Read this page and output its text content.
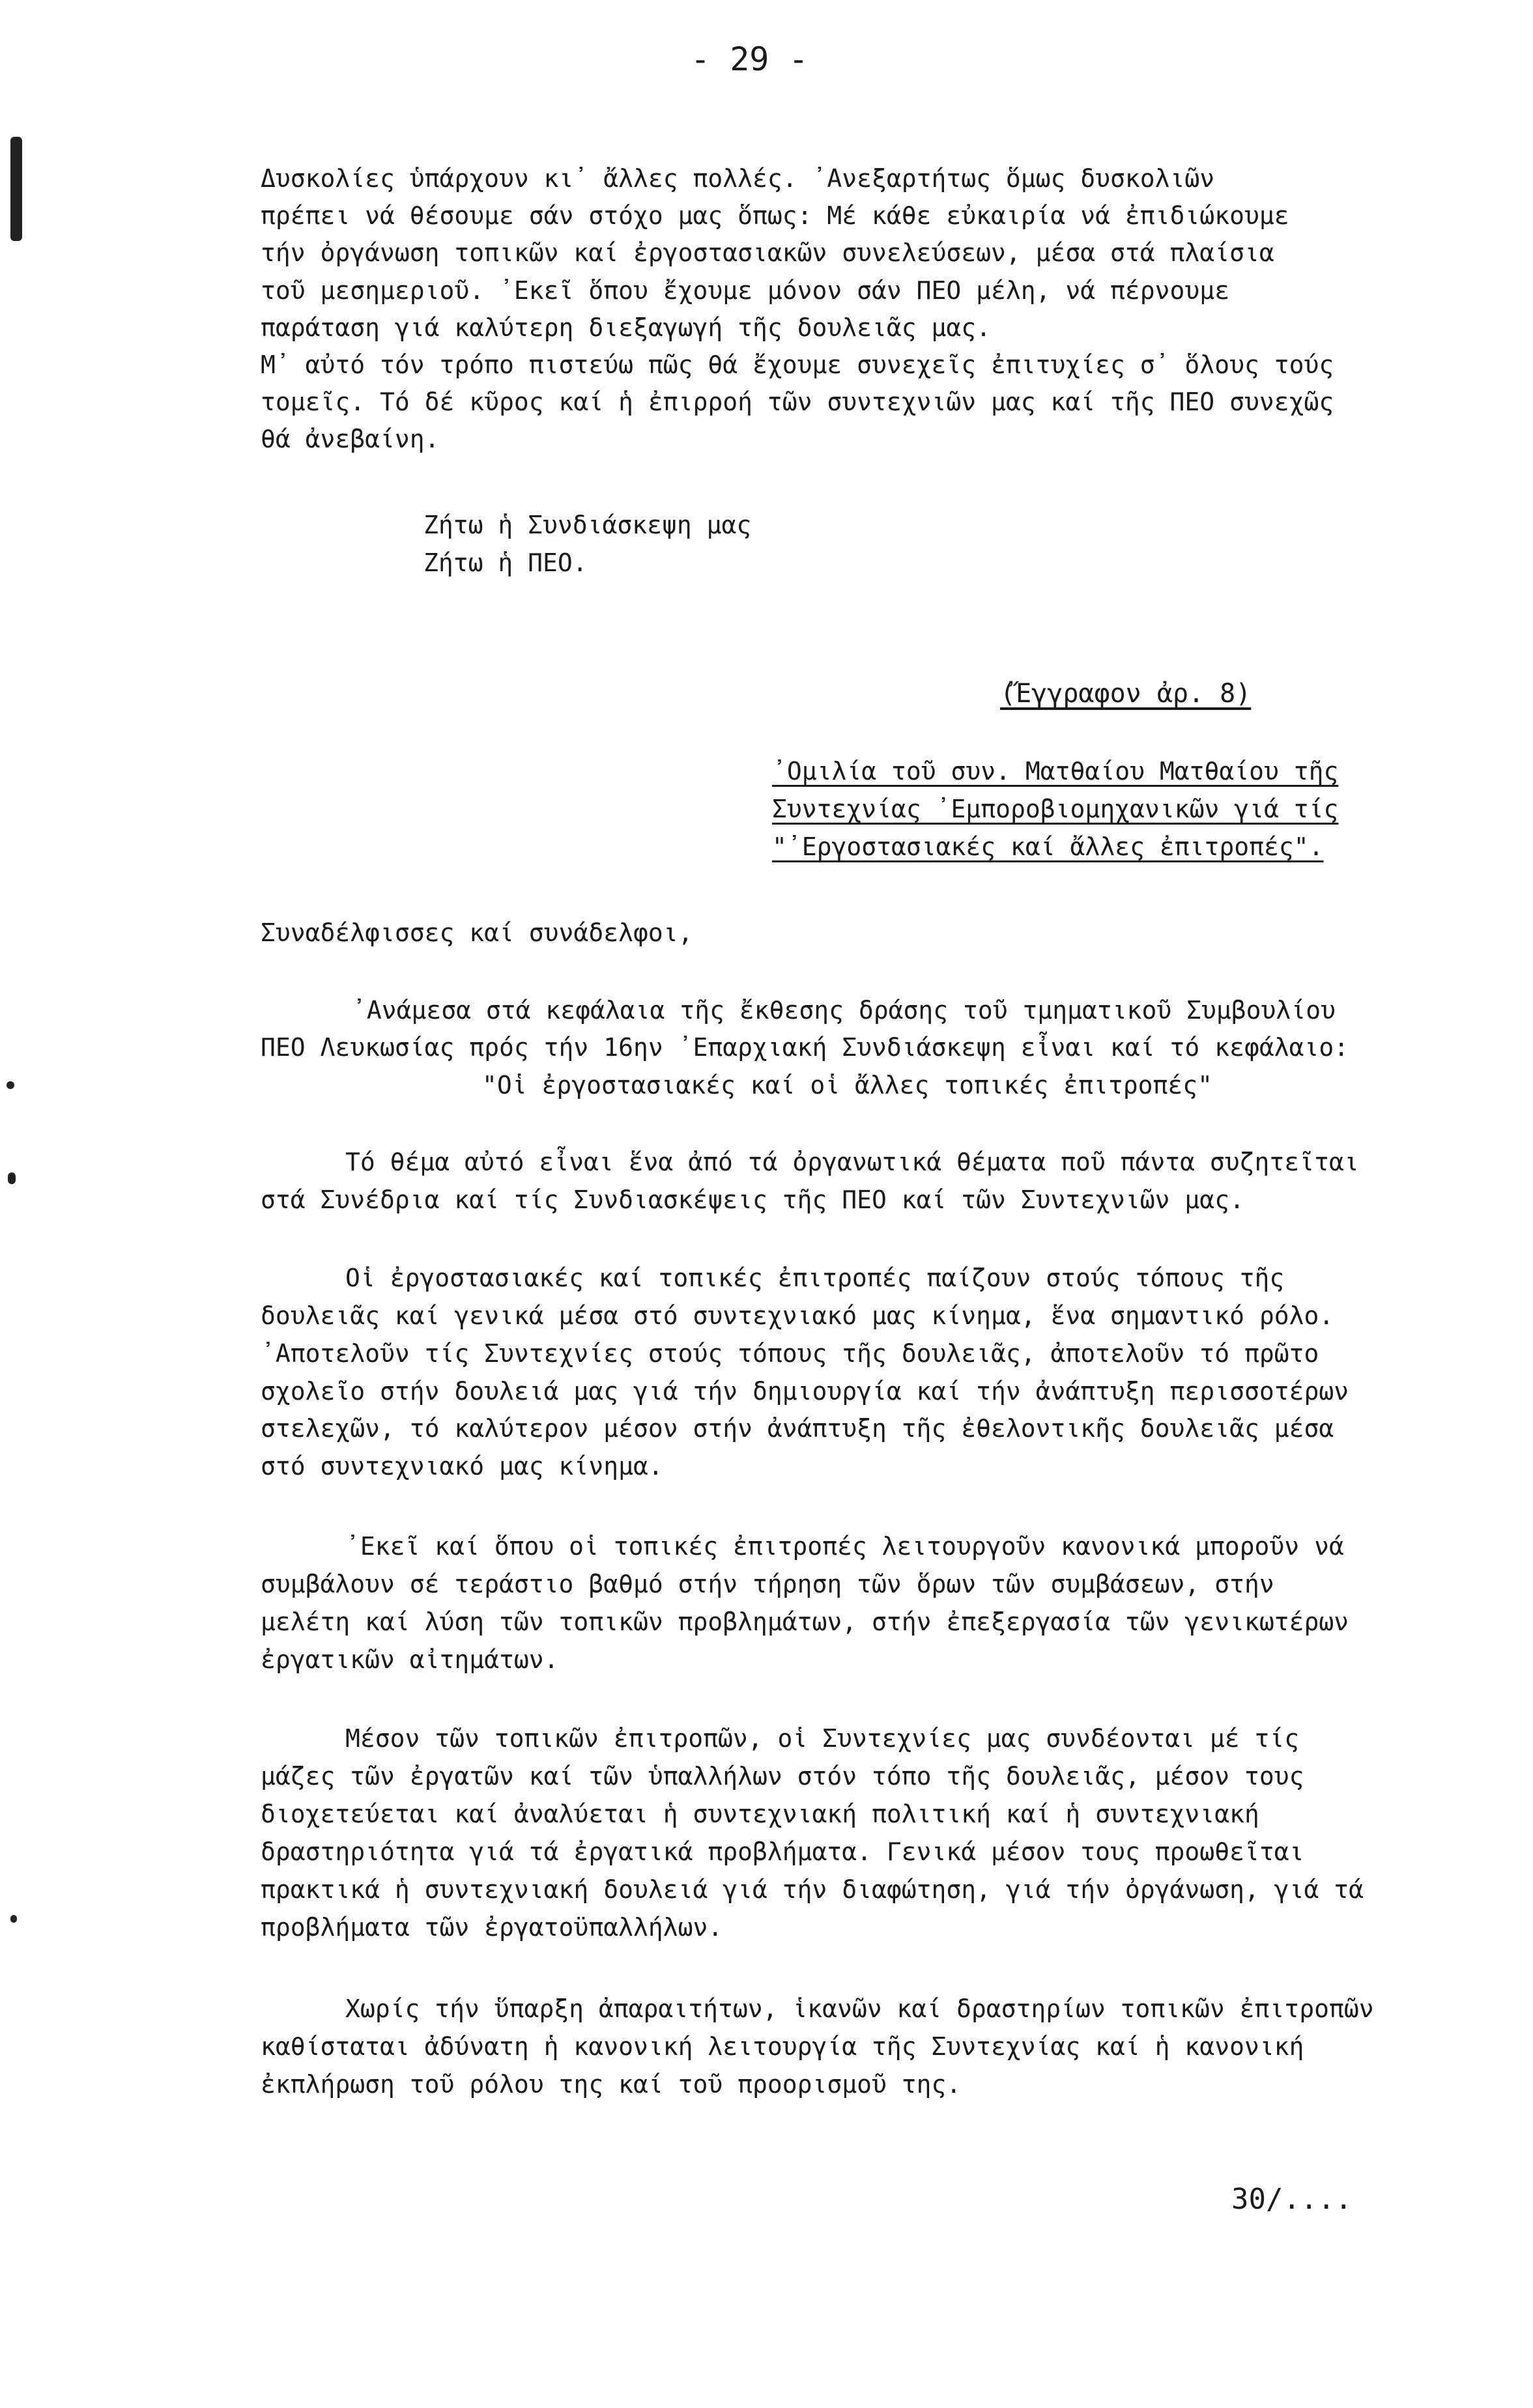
- 29 -
Δυσκολίες ὑπάρχουν κι᾽ ἄλλες πολλές. ᾽Ανεξαρτήτως ὅμως δυσκολιῶν
πρέπει νά θέσουμε σάν στόχο μας ὅπως: Μέ κάθε εὐκαιρία νά ἐπιδιώκουμε
τήν ὀργάνωση τοπικῶν καί ἐργοστασιακῶν συνελεύσεων, μέσα στά πλαίσια
τοῦ μεσημεριοῦ. ᾽Εκεῖ ὅπου ἔχουμε μόνον σάν ΠΕΟ μέλη, νά πέρνουμε
παράταση γιά καλύτερη διεξαγωγή τῆς δουλειᾶς μας.
Μ᾽ αὐτό τόν τρόπο πιστεύω πῶς θά ἔχουμε συνεχεῖς ἐπιτυχίες σ᾽ ὅλους τούς
τομεῖς. Τό δέ κῦρος καί ἡ ἐπιρροή τῶν συντεχνιῶν μας καί τῆς ΠΕΟ συνεχῶς
θά ἀνεβαίνη.
Ζήτω ἡ Συνδιάσκεψη μας
Ζήτω ἡ ΠΕΟ.
(Ἔγγραφον ἀρ. 8)
᾽Ομιλία τοῦ συν. Ματθαίου Ματθαίου τῆς
Συντεχνίας ᾽Εμποροβιομηχανικῶν γιά τίς
"᾽Εργοστασιακές καί ἄλλες ἐπιτροπές".
Συναδέλφισσες καί συνάδελφοι,
᾽Ανάμεσα στά κεφάλαια τῆς ἔκθεσης δράσης τοῦ τμηματικοῦ Συμβουλίου
ΠΕΟ Λευκωσίας πρός τήν 16ην ᾽Επαρχιακή Συνδιάσκεψη εἶναι καί τό κεφάλαιο:
"Οἱ ἐργοστασιακές καί οἱ ἄλλες τοπικές ἐπιτροπές"
Τό θέμα αὐτό εἶναι ἕνα ἀπό τά ὀργανωτικά θέματα ποῦ πάντα συζητεῖται
στά Συνέδρια καί τίς Συνδιασκέψεις τῆς ΠΕΟ καί τῶν Συντεχνιῶν μας.
Οἱ ἐργοστασιακές καί τοπικές ἐπιτροπές παίζουν στούς τόπους τῆς
δουλειᾶς καί γενικά μέσα στό συντεχνιακό μας κίνημα, ἕνα σημαντικό ρόλο.
᾽Αποτελοῦν τίς Συντεχνίες στούς τόπους τῆς δουλειᾶς, ἀποτελοῦν τό πρῶτο
σχολεῖο στήν δουλειά μας γιά τήν δημιουργία καί τήν ἀνάπτυξη περισσοτέρων
στελεχῶν, τό καλύτερον μέσον στήν ἀνάπτυξη τῆς ἐθελοντικῆς δουλειᾶς μέσα
στό συντεχνιακό μας κίνημα.
᾽Εκεῖ καί ὅπου οἱ τοπικές ἐπιτροπές λειτουργοῦν κανονικά μποροῦν νά
συμβάλουν σέ τεράστιο βαθμό στήν τήρηση τῶν ὅρων τῶν συμβάσεων, στήν
μελέτη καί λύση τῶν τοπικῶν προβλημάτων, στήν ἐπεξεργασία τῶν γενικωτέρων
ἐργατικῶν αἰτημάτων.
Μέσον τῶν τοπικῶν ἐπιτροπῶν, οἱ Συντεχνίες μας συνδέονται μέ τίς
μάζες τῶν ἐργατῶν καί τῶν ὑπαλλήλων στόν τόπο τῆς δουλειᾶς, μέσον τους
διοχετεύεται καί ἀναλύεται ἡ συντεχνιακή πολιτική καί ἡ συντεχνιακή
δραστηριότητα γιά τά ἐργατικά προβλήματα. Γενικά μέσον τους προωθεῖται
πρακτικά ἡ συντεχνιακή δουλειά γιά τήν διαφώτηση, γιά τήν ὀργάνωση, γιά τά
προβλήματα τῶν ἐργατοϋπαλλήλων.
Χωρίς τήν ὕπαρξη ἀπαραιτήτων, ἱκανῶν καί δραστηρίων τοπικῶν ἐπιτροπῶν
καθίσταται ἀδύνατη ἡ κανονική λειτουργία τῆς Συντεχνίας καί ἡ κανονική
ἐκπλήρωση τοῦ ρόλου της καί τοῦ προορισμοῦ της.
30/....
